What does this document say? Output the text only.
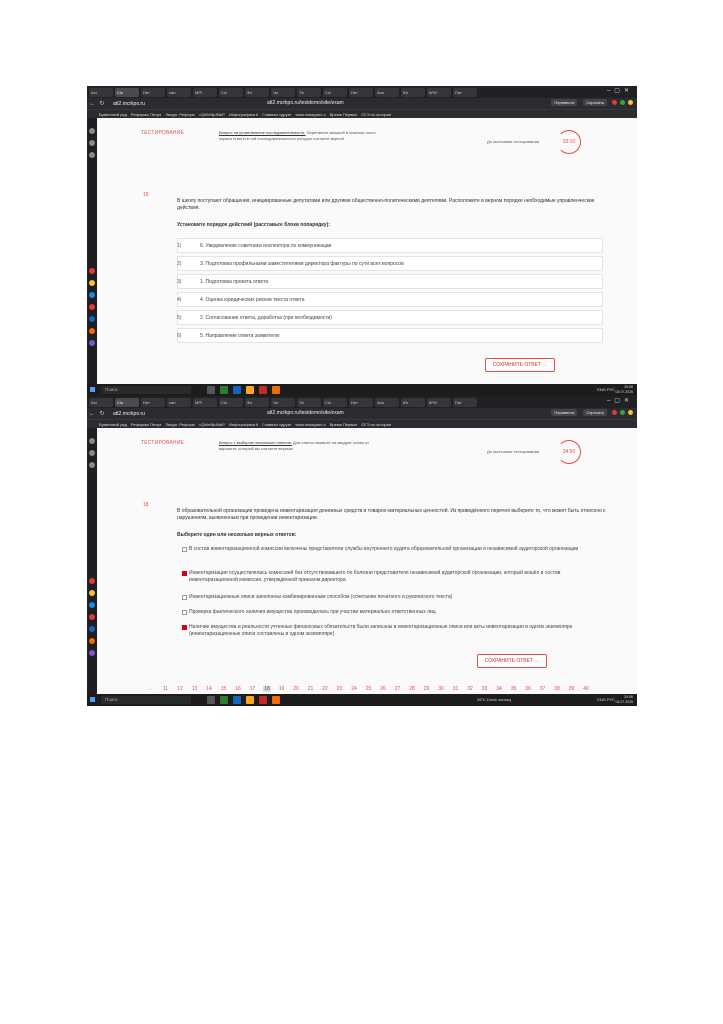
Ахг	Сlo	Нет	сан	МРІ	Сlo	Фо	Чи	ТА	Сlo	Нет	Ано	Юг	КРИ	Пат	–▢✕
← ↻	att2.mcrkpo.ru	att2.mcrkpo.ru/testdemo/site/exam	Перевести	Спросить
Буквенный ряд Реформы Петра Ликург. Реформ «QWrr5lpINЬР Инфографика 6 Главная «друзе www.instagram.c Время Первые ОГЭ по истории
ТЕСТИРОВАНИЕ	Вопрос на установление последовательности. Перетяните мышкой в нижнюю часть экрана ответы в той последовательности которую считаете верной.
До окончания тестирования	33:10
19
В школу поступают обращения, инициированные депутатами или другими общественно-политическими деятелями. Расположите в верном порядке необходимые управленческие действия.
Установите порядок действий (расставьте блоки попарядку):
1)	6. Уведомление советника инспектора по коммуникации
2)	3. Подготовка профильными заместителями директора фактуры по сути всех вопросов
3)	1. Подготовка проекта ответа
4)	4. Оценка юридических рисков текста ответа
5)	2. Согласование ответа, доработка (при необходимости)
6)	5. Направление ответа заявителю
СОХРАНИТЬ ОТВЕТ →
Поиск	ENG РУС	20:06
04.07.2025
Ахг	Сlo	Нет	сан	МРІ	Сlo	Фо	Чи	ТА	Сlo	Нет	Ано	Юг	КРИ	Пат	–▢✕
← ↻	att2.mcrkpo.ru	att2.mcrkpo.ru/testdemo/site/exam	Перевести	Спросить
Буквенный ряд Реформы Петра Ликург. Реформ «QWrr5lpINЬР Инфографика 6 Главная «друзе www.instagram.c Время Первые ОГЭ по истории
ТЕСТИРОВАНИЕ	Вопрос с выбором нескольких ответов. Для ответа нажмите на квадрат слева от варианта, который вы считаете верным.
До окончания тестирования	34:50
18
В образовательной организации проведена инвентаризация денежных средств и товарно-материальных ценностей. Из приведённого перечня выберите то, что может быть отнесено к нарушениям, выявленным при проведении инвентаризации.
Выберите один или несколько верных ответов:
В состав инвентаризационной комиссии включены представители службы внутреннего аудита образовательной организации и независимой аудиторской организации
Инвентаризация осуществлялась комиссией без отсутствовавшего по болезни представителя независимой аудиторской организации, который вошёл в состав инвентаризационной комиссии, утверждённой приказом директора
Инвентаризационные описи заполнены комбинированным способом (сочетание печатного и рукописного текста)
Проверка фактического наличия имущества производилась при участии материально ответственных лиц
Наличие имущества и реальности учтенных финансовых обязательств были записаны в инвентаризационные описи или акты инвентаризации в одном экземпляре (инвентаризационные описи составлены в одном экземпляре)
СОХРАНИТЬ ОТВЕТ →
←	11 12 13 14 15 16 17 18 19 20 21 22 23 24 25 26 27 28 29 30 31 32 33 34 35 36 37 38 39 40
Поиск	26°C Dovlc zooxsq	ENG РУС	20:06
04.07.2025
